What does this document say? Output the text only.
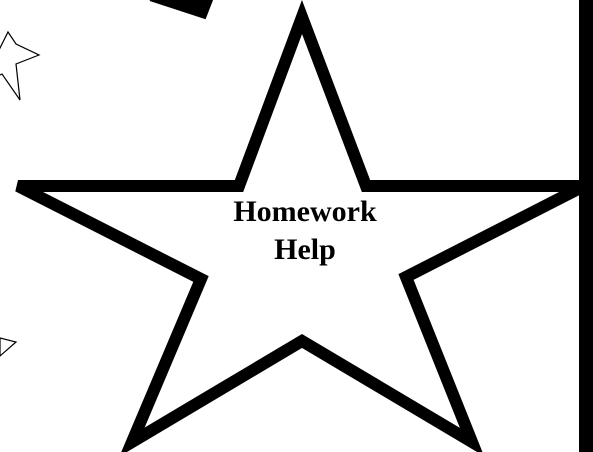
Homework
Help
